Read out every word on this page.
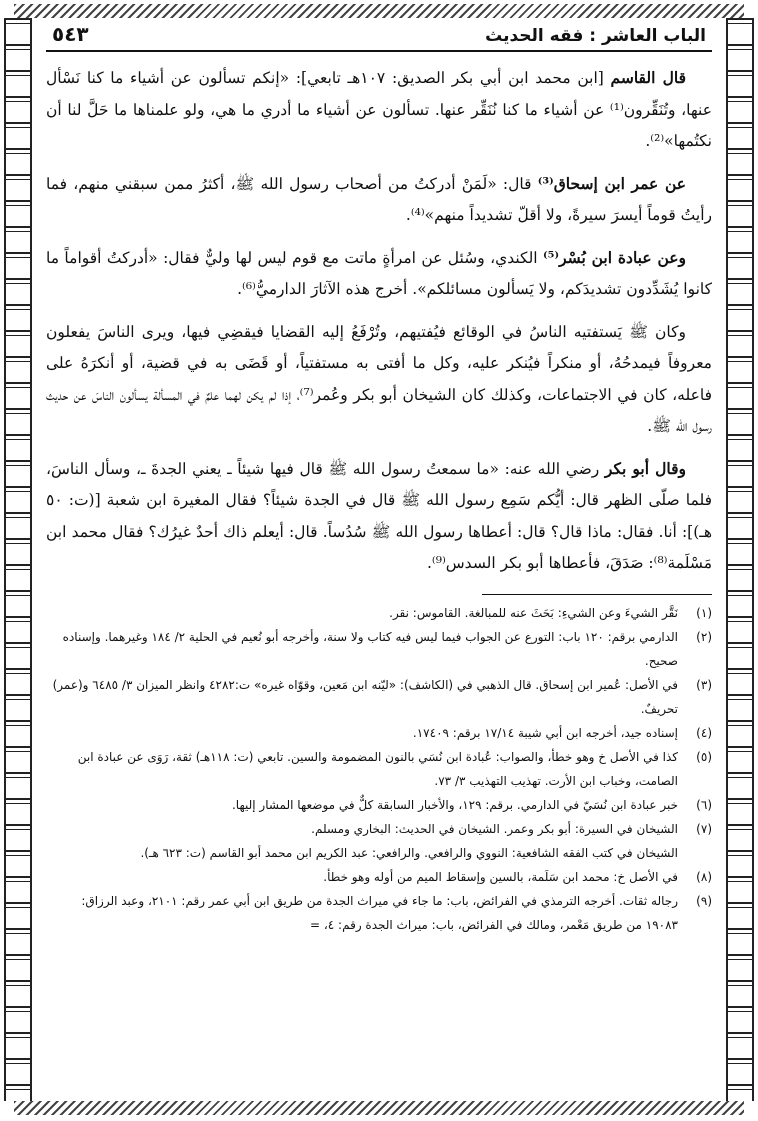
الباب العاشر : فقه الحديث
٥٤٣

قال القاسم [ابن محمد ابن أبي بكر الصديق: ١٠٧هـ تابعي]: «إنكم تسألون عن أشياء ما كنا نَسْأل عنها، وتُنَقِّرون⁽¹⁾ عن أشياء ما كنا نُنَقِّر عنها. تسألون عن أشياء ما أدري ما هي، ولو علمناها ما حَلَّ لنا أن نكتُمها»⁽²⁾.

عن عمر ابن إسحاق⁽³⁾ قال: «لَمَنْ أدركتُ من أصحاب رسول الله ﷺ، أكثرُ ممن سبقني منهم، فما رأيتُ قوماً أيسرَ سيرةً، ولا أقلّ تشديداً منهم»⁽⁴⁾.

وعن عبادة ابن بُسْر⁽⁵⁾ الكندي، وسُئل عن امرأةٍ ماتت مع قوم ليس لها وليٌّ فقال: «أدركتُ أقواماً ما كانوا يُشَدِّدون تشديدَكم، ولا يَسألون مسائلكم». أخرج هذه الآثارَ الدارميُّ⁽⁶⁾.

وكان ﷺ يَستفتيه الناسُ في الوقائع فيُفتيهم، وتُرْفَعُ إليه القضايا فيقضِي فيها، ويرى الناسَ يفعلون معروفاً فيمدحُهُ، أو منكراً فيُنكر عليه، وكل ما أفتى به مستفتياً، أو قَضَى به في قضية، أو أنكرَهُ على فاعله، كان في الاجتماعات، وكذلك كان الشيخان أبو بكر وعُمر⁽⁷⁾، إذا لم يكن لهما علمٌ في المسألة يسألون الناسَ عن حديث رسول الله ﷺ.

وقال أبو بكر رضي الله عنه: «ما سمعتُ رسول الله ﷺ قال فيها شيئاً ـ يعني الجدةَ ـ، وسأل الناسَ، فلما صلّى الظهر قال: أيُّكم سَمِع رسول الله ﷺ قال في الجدة شيئاً؟ فقال المغيرة ابن شعبة [(ت: ٥٠ هـ)]: أنا. فقال: ماذا قال؟ قال: أعطاها رسول الله ﷺ سُدُساً. قال: أيعلم ذاك أحدٌ غيرُك؟ فقال محمد ابن مَسْلَمة⁽⁸⁾: صَدَقَ، فأعطاها أبو بكر السدس⁽⁹⁾.

(١)
نَقَّر الشيءَ وعن الشيءِ: بَحَثَ عنه للمبالغة. القاموس: نقر.
(٢)
الدارمي برقم: ١٢٠ باب: التورع عن الجواب فيما ليس فيه كتاب ولا سنة، وأخرجه أبو نُعيم في الحلية ٢/ ١٨٤ وغيرهما. وإسناده صحيح.
(٣)
في الأصل: عُمير ابن إسحاق. قال الذهبي في (الكاشف): «ليّنه ابن مَعين، وقوّاه غيره» ت:٤٢٨٢ وانظر الميزان ٣/ ٦٤٨٥ و(عمر) تحريفٌ.
(٤)
إسناده جيد، أخرجه ابن أبي شيبة ١٧/١٤ برقم: ١٧٤٠٩.
(٥)
كذا في الأصل خ وهو خطأ، والصواب: عُبادة ابن نُسَي بالنون المضمومة والسين. تابعي (ت: ١١٨هـ) ثقة، رَوَى عن عبادة ابن الصامت، وخباب ابن الأرت. تهذيب التهذيب ٣/ ٧٣.
(٦)
خبر عبادة ابن نُسَيّ في الدارمي. برقم: ١٢٩، والأخبار السابقة كلٌّ في موضعها المشار إليها.
(٧)
الشيخان في السيرة: أبو بكر وعمر. الشيخان في الحديث: البخاري ومسلم.
الشيخان في كتب الفقه الشافعية: النووي والرافعي. والرافعي: عبد الكريم ابن محمد أبو القاسم (ت: ٦٢٣ هـ).
(٨)
في الأصل خ: محمد ابن سَلَمة، بالسين وإسقاط الميم من أوله وهو خطأ.
(٩)
رجاله ثقات. أخرجه الترمذي في الفرائض، باب: ما جاء في ميراث الجدة من طريق ابن أبي عمر رقم: ٢١٠١، وعبد الرزاق: ١٩٠٨٣ من طريق مَعْمر، ومالك في الفرائض، باب: ميراث الجدة رقم: ٤، =
